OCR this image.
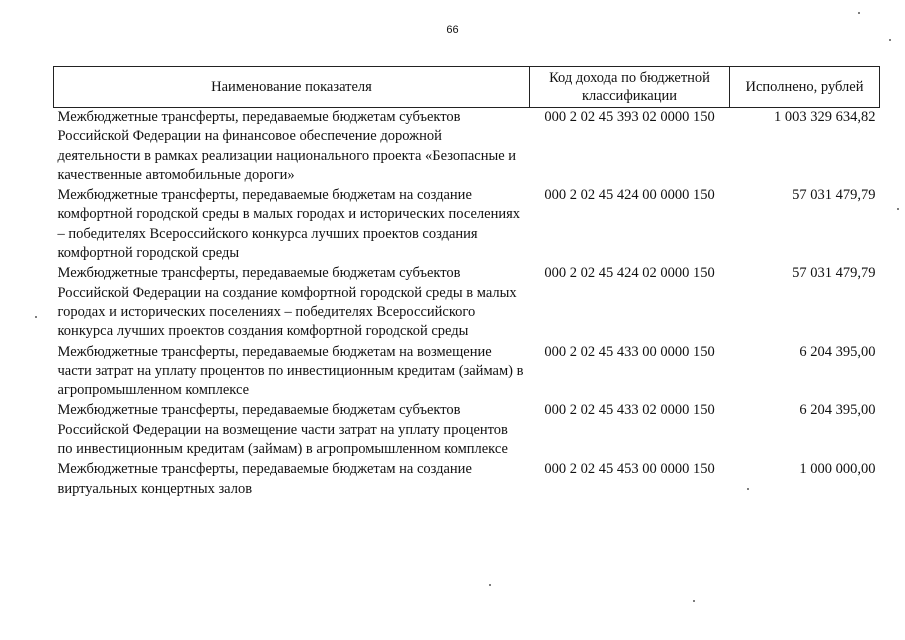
66
Наименование показателя	Код дохода по бюджетной классификации	Исполнено, рублей
Межбюджетные трансферты, передаваемые бюджетам субъектов Российской Федерации на финансовое обеспечение дорожной деятельности в рамках реализации национального проекта «Безопасные и качественные автомобильные дороги»	000 2 02 45 393 02 0000 150	1 003 329 634,82
Межбюджетные трансферты, передаваемые бюджетам на создание комфортной городской среды в малых городах и исторических поселениях – победителях Всероссийского конкурса лучших проектов создания комфортной городской среды	000 2 02 45 424 00 0000 150	57 031 479,79
Межбюджетные трансферты, передаваемые бюджетам субъектов Российской Федерации на создание комфортной городской среды в малых городах и исторических поселениях – победителях Всероссийского конкурса лучших проектов создания комфортной городской среды	000 2 02 45 424 02 0000 150	57 031 479,79
Межбюджетные трансферты, передаваемые бюджетам на возмещение части затрат на уплату процентов по инвестиционным кредитам (займам) в агропромышленном комплексе	000 2 02 45 433 00 0000 150	6 204 395,00
Межбюджетные трансферты, передаваемые бюджетам субъектов Российской Федерации на возмещение части затрат на уплату процентов по инвестиционным кредитам (займам) в агропромышленном комплексе	000 2 02 45 433 02 0000 150	6 204 395,00
Межбюджетные трансферты, передаваемые бюджетам на создание виртуальных концертных залов	000 2 02 45 453 00 0000 150	1 000 000,00
